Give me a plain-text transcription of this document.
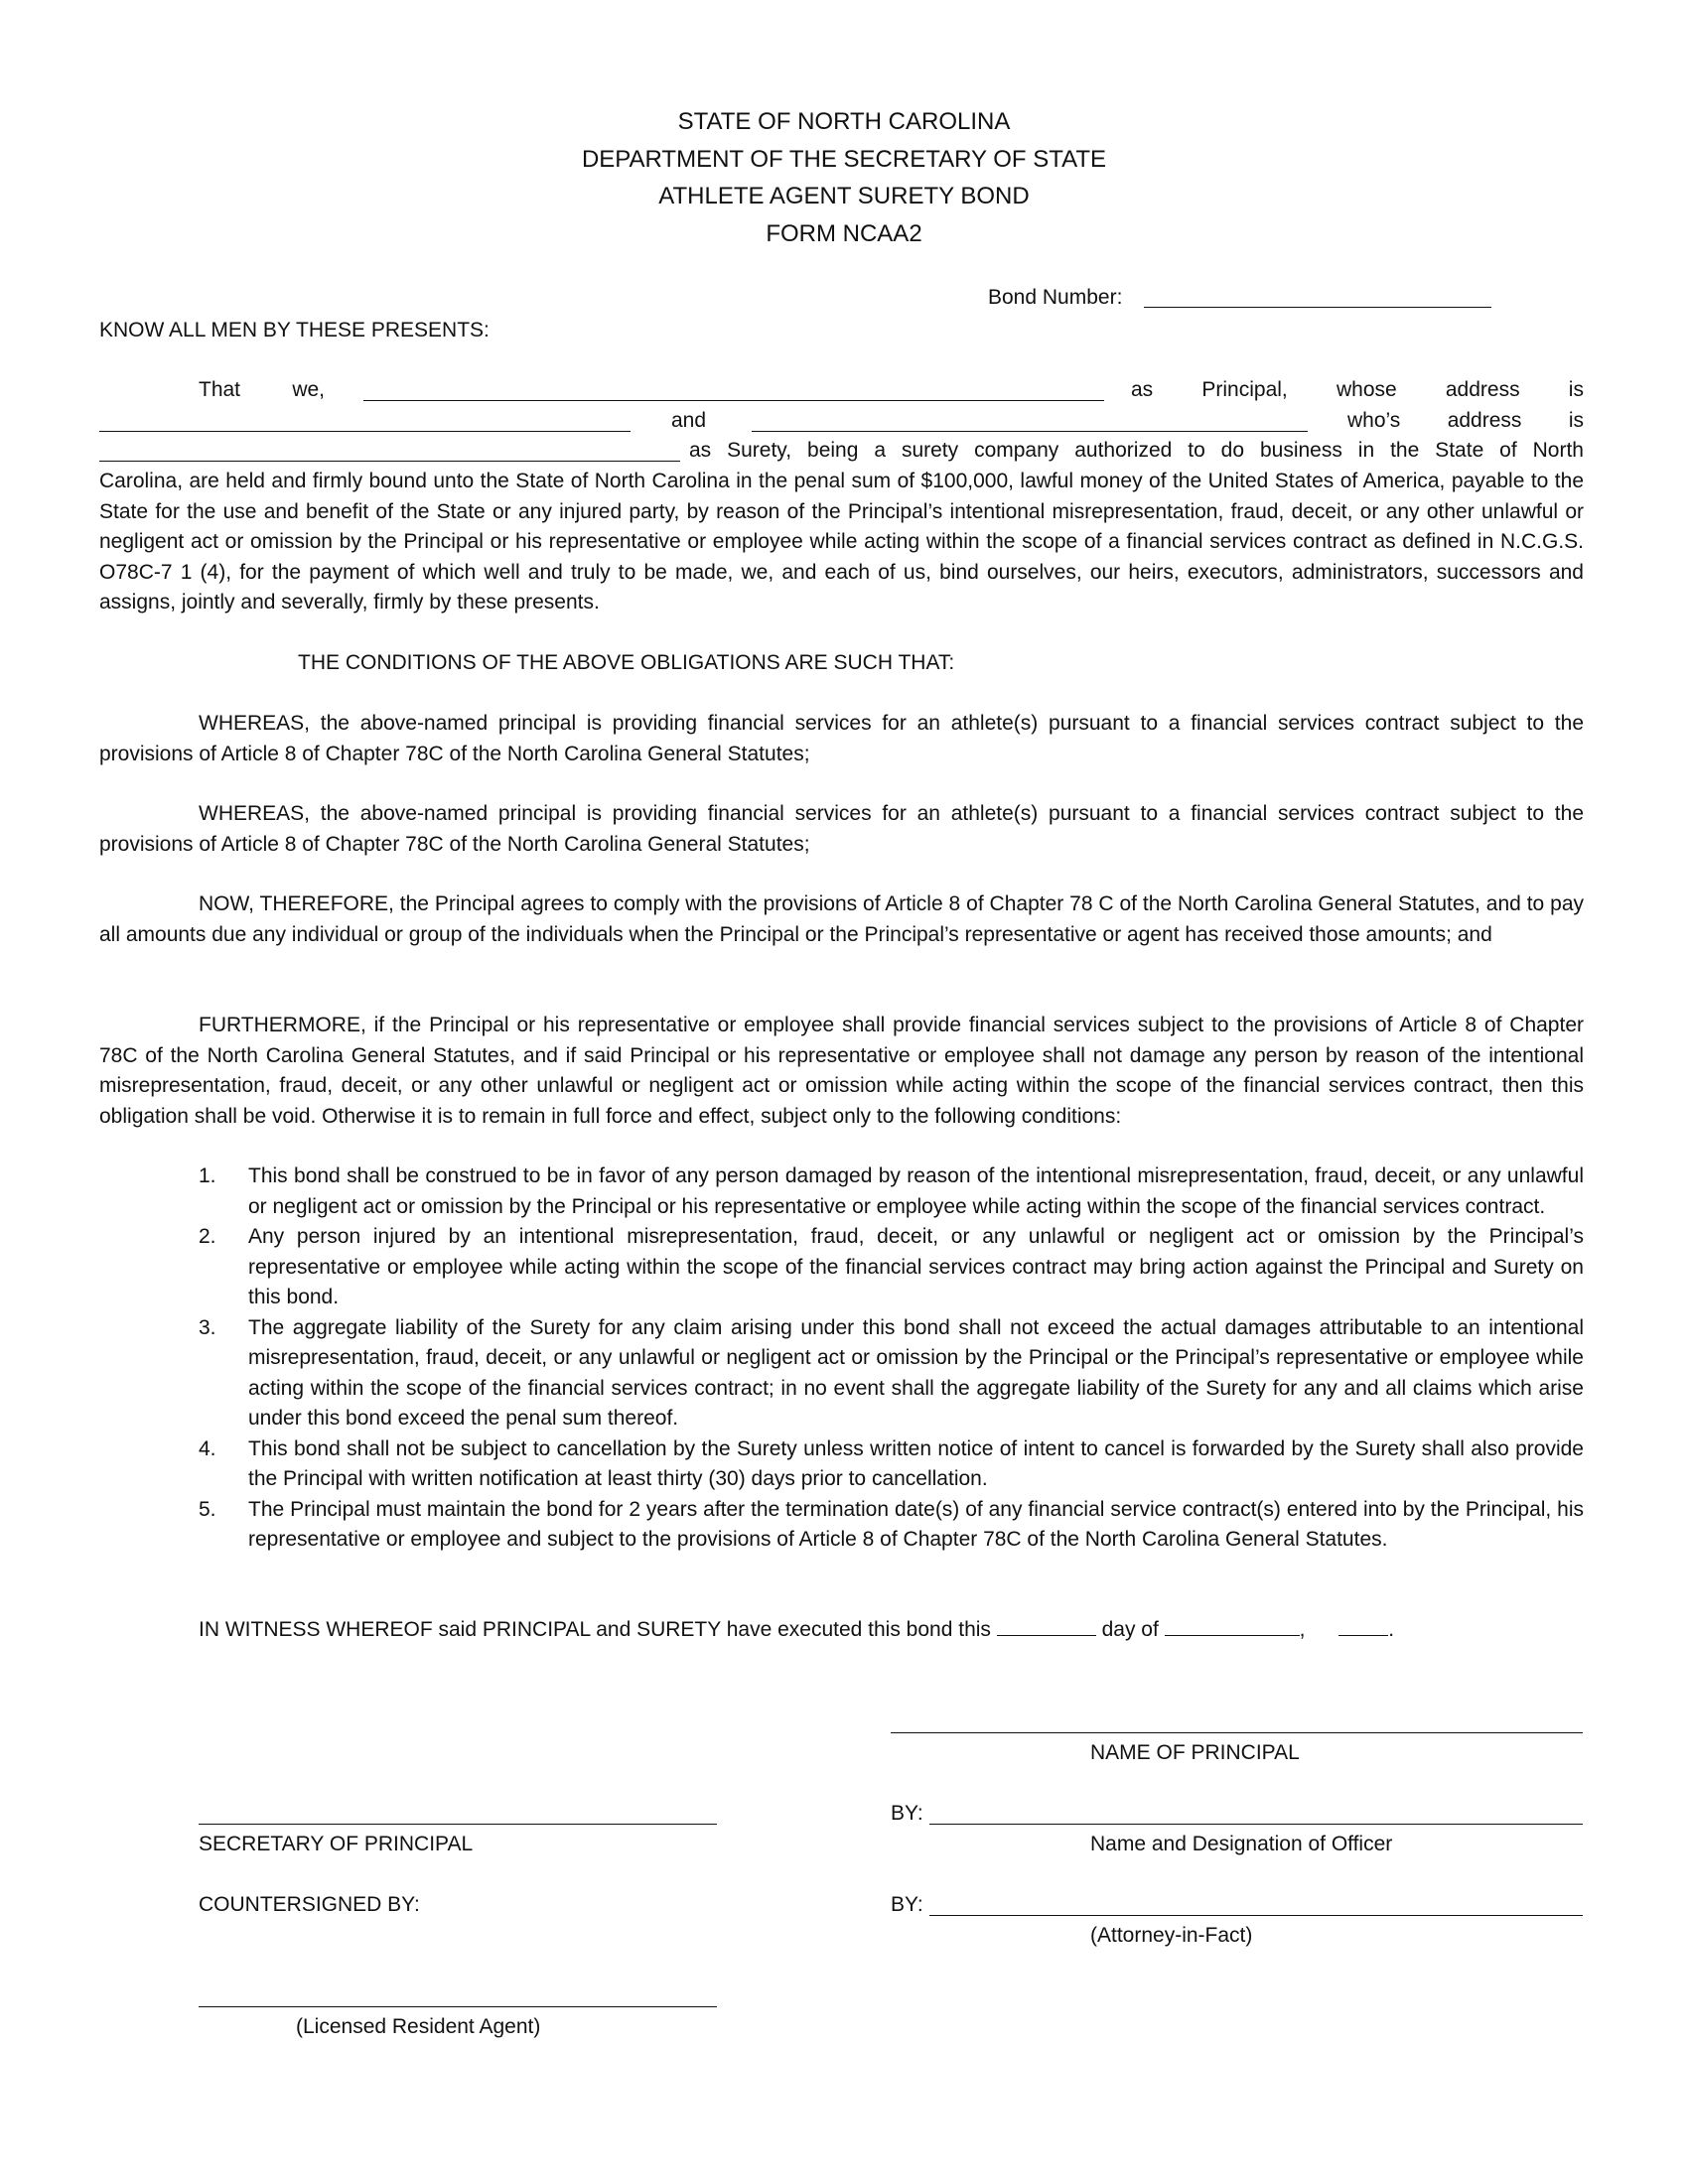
STATE OF NORTH CAROLINA
DEPARTMENT OF THE SECRETARY OF STATE
ATHLETE AGENT SURETY BOND
FORM NCAA2
Bond Number:
KNOW ALL MEN BY THESE PRESENTS:
That we,	as Principal, whose address is
and	who’s address is
as Surety, being a surety company authorized to do business in the State of North
Carolina, are held and firmly bound unto the State of North Carolina in the penal sum of $100,000, lawful money of the United States of America, payable to the State for the use and benefit of the State or any injured party, by reason of the Principal’s intentional misrepresentation, fraud, deceit, or any other unlawful or negligent act or omission by the Principal or his representative or employee while acting within the scope of a financial services contract as defined in N.C.G.S. O78C-7 1 (4), for the payment of which well and truly to be made, we, and each of us, bind ourselves, our heirs, executors, administrators, successors and assigns, jointly and severally, firmly by these presents.
THE CONDITIONS OF THE ABOVE OBLIGATIONS ARE SUCH THAT:
WHEREAS, the above-named principal is providing financial services for an athlete(s) pursuant to a financial services contract subject to the provisions of Article 8 of Chapter 78C of the North Carolina General Statutes;
WHEREAS, the above-named principal is providing financial services for an athlete(s) pursuant to a financial services contract subject to the provisions of Article 8 of Chapter 78C of the North Carolina General Statutes;
NOW, THEREFORE, the Principal agrees to comply with the provisions of Article 8 of Chapter 78 C of the North Carolina General Statutes, and to pay all amounts due any individual or group of the individuals when the Principal or the Principal’s representative or agent has received those amounts; and
FURTHERMORE, if the Principal or his representative or employee shall provide financial services subject to the provisions of Article 8 of Chapter 78C of the North Carolina General Statutes, and if said Principal or his representative or employee shall not damage any person by reason of the intentional misrepresentation, fraud, deceit, or any other unlawful or negligent act or omission while acting within the scope of the financial services contract, then this obligation shall be void. Otherwise it is to remain in full force and effect, subject only to the following conditions:
1. This bond shall be construed to be in favor of any person damaged by reason of the intentional misrepresentation, fraud, deceit, or any unlawful or negligent act or omission by the Principal or his representative or employee while acting within the scope of the financial services contract.
2. Any person injured by an intentional misrepresentation, fraud, deceit, or any unlawful or negligent act or omission by the Principal’s representative or employee while acting within the scope of the financial services contract may bring action against the Principal and Surety on this bond.
3. The aggregate liability of the Surety for any claim arising under this bond shall not exceed the actual damages attributable to an intentional misrepresentation, fraud, deceit, or any unlawful or negligent act or omission by the Principal or the Principal’s representative or employee while acting within the scope of the financial services contract; in no event shall the aggregate liability of the Surety for any and all claims which arise under this bond exceed the penal sum thereof.
4. This bond shall not be subject to cancellation by the Surety unless written notice of intent to cancel is forwarded by the Surety shall also provide the Principal with written notification at least thirty (30) days prior to cancellation.
5. The Principal must maintain the bond for 2 years after the termination date(s) of any financial service contract(s) entered into by the Principal, his representative or employee and subject to the provisions of Article 8 of Chapter 78C of the North Carolina General Statutes.
IN WITNESS WHEREOF said PRINCIPAL and SURETY have executed this bond this	day of	,	.
NAME OF PRINCIPAL
BY:
SECRETARY OF PRINCIPAL	Name and Designation of Officer
COUNTERSIGNED BY:	BY:
(Attorney-in-Fact)
(Licensed Resident Agent)
